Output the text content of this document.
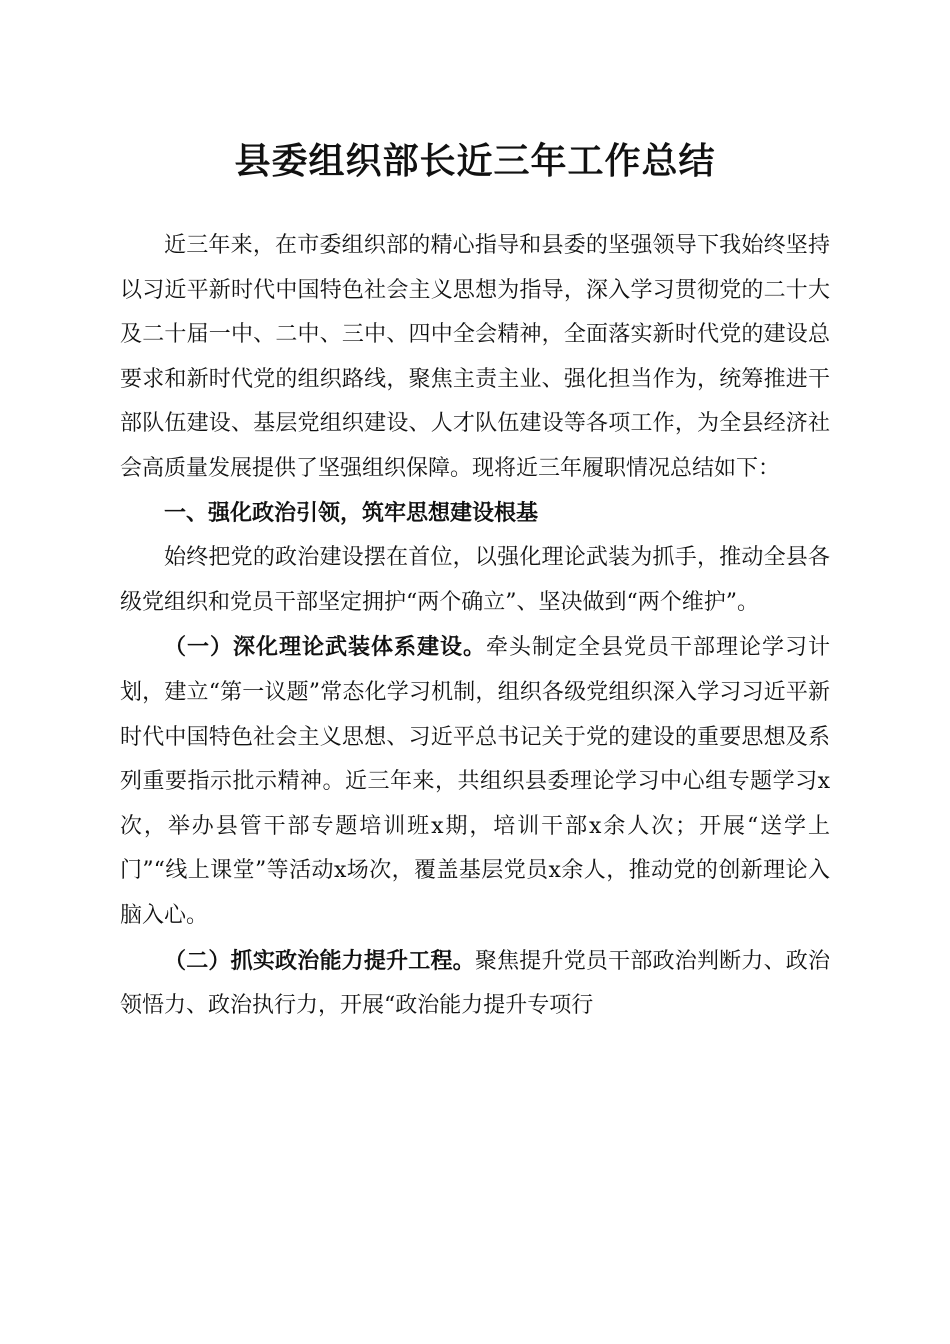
县委组织部长近三年工作总结

近三年来，在市委组织部的精心指导和县委的坚强领导下我始终坚持以习近平新时代中国特色社会主义思想为指导，深入学习贯彻党的二十大及二十届一中、二中、三中、四中全会精神，全面落实新时代党的建设总要求和新时代党的组织路线，聚焦主责主业、强化担当作为，统筹推进干部队伍建设、基层党组织建设、人才队伍建设等各项工作，为全县经济社会高质量发展提供了坚强组织保障。现将近三年履职情况总结如下：

一、强化政治引领，筑牢思想建设根基

始终把党的政治建设摆在首位，以强化理论武装为抓手，推动全县各级党组织和党员干部坚定拥护“两个确立”、坚决做到“两个维护”。

（一）深化理论武装体系建设。牵头制定全县党员干部理论学习计划，建立“第一议题”常态化学习机制，组织各级党组织深入学习习近平新时代中国特色社会主义思想、习近平总书记关于党的建设的重要思想及系列重要指示批示精神。近三年来，共组织县委理论学习中心组专题学习x次，举办县管干部专题培训班x期，培训干部x余人次；开展“送学上门”“线上课堂”等活动x场次，覆盖基层党员x余人，推动党的创新理论入脑入心。

（二）抓实政治能力提升工程。聚焦提升党员干部政治判断力、政治领悟力、政治执行力，开展“政治能力提升专项行
